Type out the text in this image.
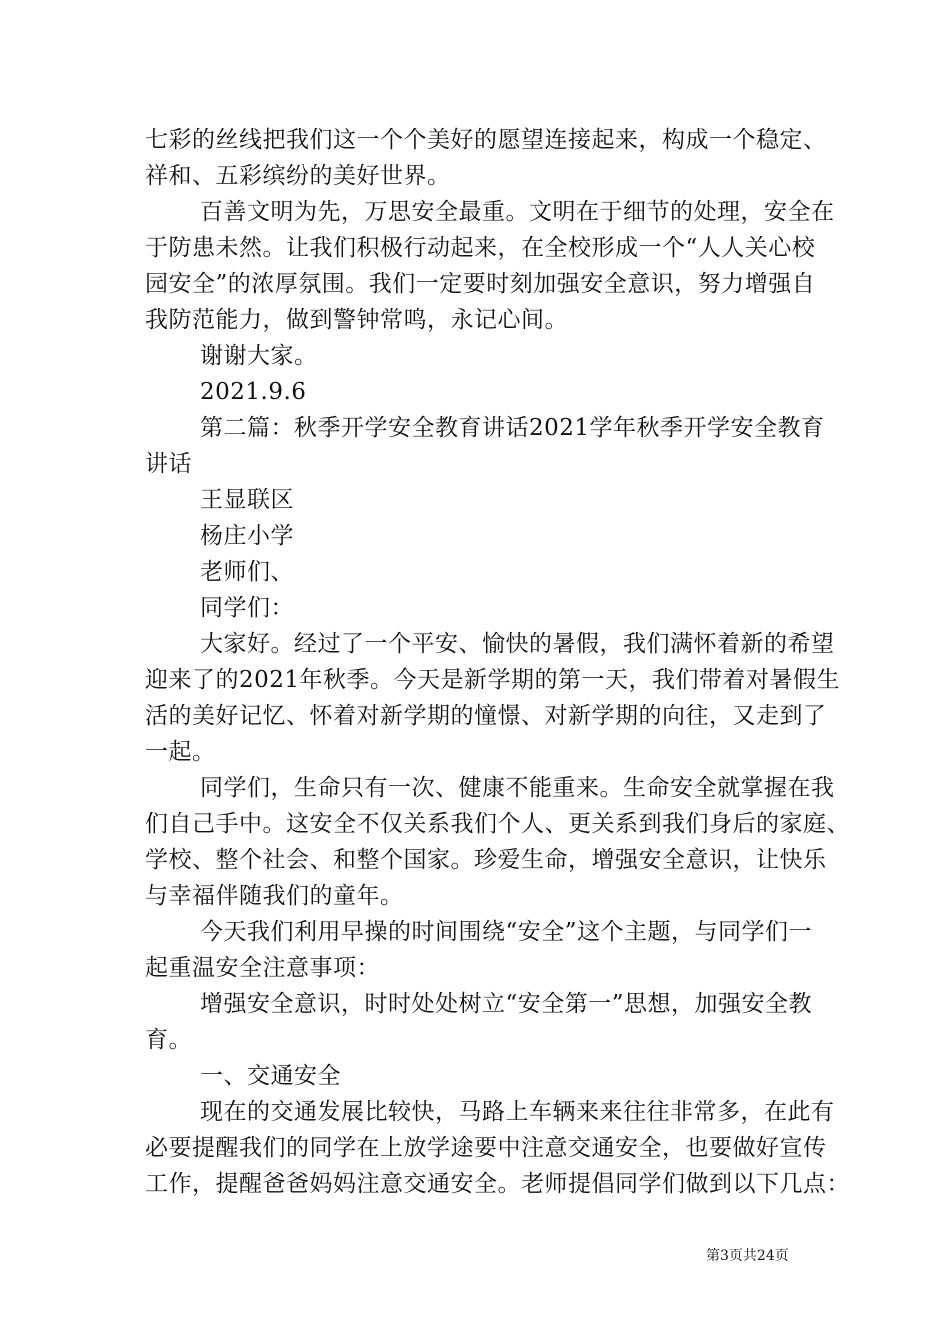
七彩的丝线把我们这一个个美好的愿望连接起来，构成一个稳定、
祥和、五彩缤纷的美好世界。
百善文明为先，万思安全最重。文明在于细节的处理，安全在
于防患未然。让我们积极行动起来，在全校形成一个“人人关心校
园安全”的浓厚氛围。我们一定要时刻加强安全意识，努力增强自
我防范能力，做到警钟常鸣，永记心间。
谢谢大家。
2021.9.6
第二篇：秋季开学安全教育讲话2021学年秋季开学安全教育
讲话
王显联区
杨庄小学
老师们、
同学们：
大家好。经过了一个平安、愉快的暑假，我们满怀着新的希望
迎来了的2021年秋季。今天是新学期的第一天，我们带着对暑假生
活的美好记忆、怀着对新学期的憧憬、对新学期的向往，又走到了
一起。
同学们，生命只有一次、健康不能重来。生命安全就掌握在我
们自己手中。这安全不仅关系我们个人、更关系到我们身后的家庭、
学校、整个社会、和整个国家。珍爱生命，增强安全意识，让快乐
与幸福伴随我们的童年。
今天我们利用早操的时间围绕“安全”这个主题，与同学们一
起重温安全注意事项：
增强安全意识，时时处处树立“安全第一”思想，加强安全教
育。
一、交通安全
现在的交通发展比较快，马路上车辆来来往往非常多，在此有
必要提醒我们的同学在上放学途要中注意交通安全，也要做好宣传
工作，提醒爸爸妈妈注意交通安全。老师提倡同学们做到以下几点：
第3页共24页
